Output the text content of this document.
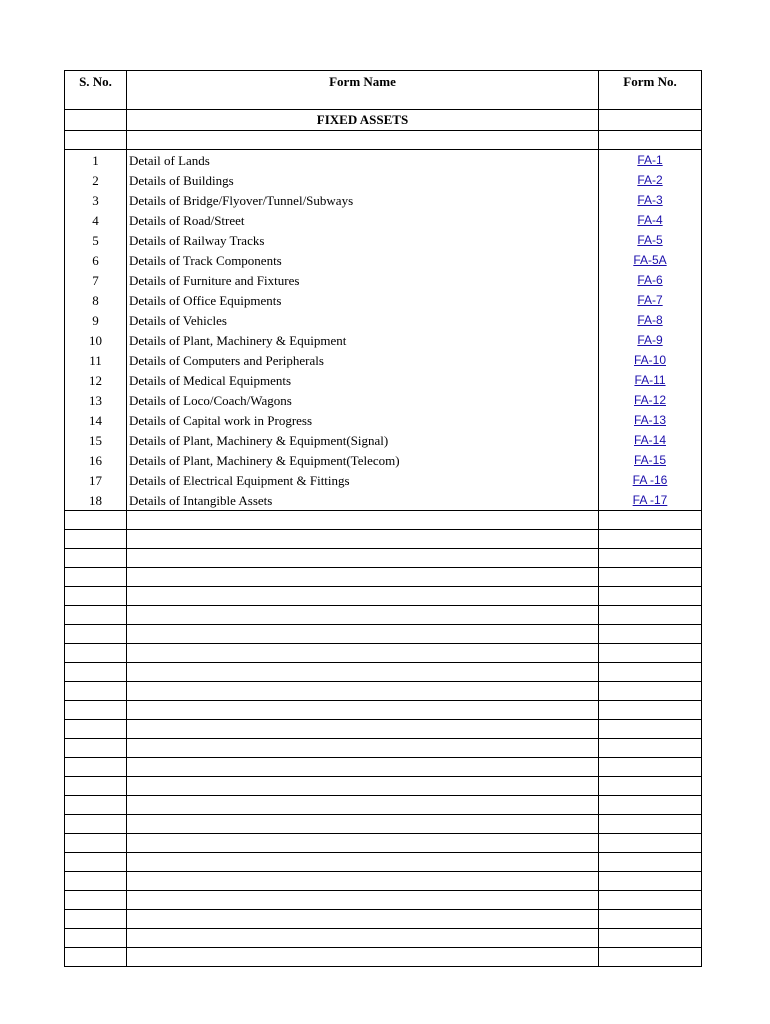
S. No.	Form Name	Form No.
	FIXED ASSETS	

1	Detail of Lands	FA-1
2	Details of Buildings	FA-2
3	Details of Bridge/Flyover/Tunnel/Subways	FA-3
4	Details of Road/Street	FA-4
5	Details of Railway Tracks	FA-5
6	Details of Track Components	FA-5A
7	Details of Furniture and Fixtures	FA-6
8	Details of Office Equipments	FA-7
9	Details of Vehicles	FA-8
10	Details of Plant, Machinery & Equipment	FA-9
11	Details of Computers and Peripherals	FA-10
12	Details of Medical Equipments	FA-11
13	Details of Loco/Coach/Wagons	FA-12
14	Details of Capital work in Progress	FA-13
15	Details of Plant, Machinery & Equipment(Signal)	FA-14
16	Details of Plant, Machinery & Equipment(Telecom)	FA-15
17	Details of Electrical Equipment & Fittings	FA -16
18	Details of Intangible Assets	FA -17
